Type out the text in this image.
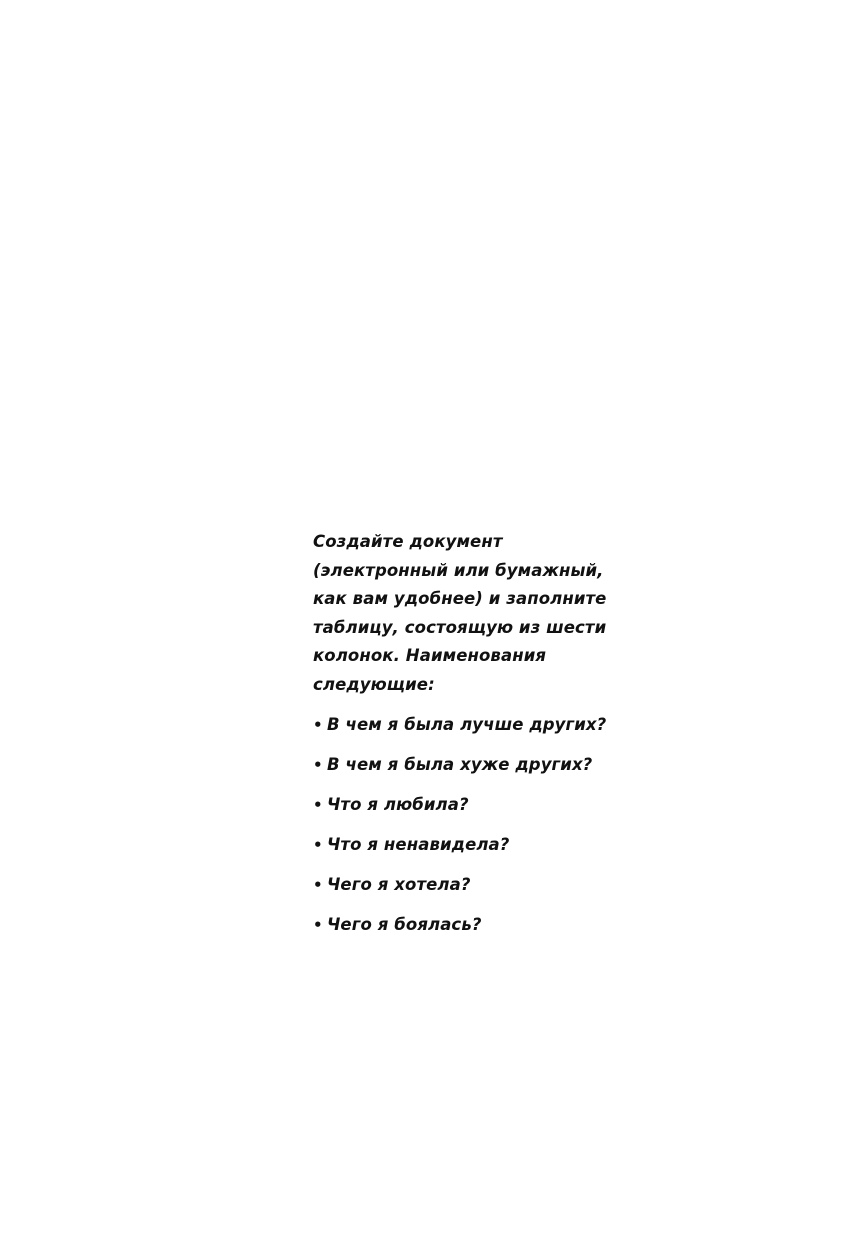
Создайте документ (электронный или бумажный, как вам удобнее) и заполните таблицу, состоящую из шести колонок. Наименования следующие:

• В чем я была лучше других?
• В чем я была хуже других?
• Что я любила?
• Что я ненавидела?
• Чего я хотела?
• Чего я боялась?
